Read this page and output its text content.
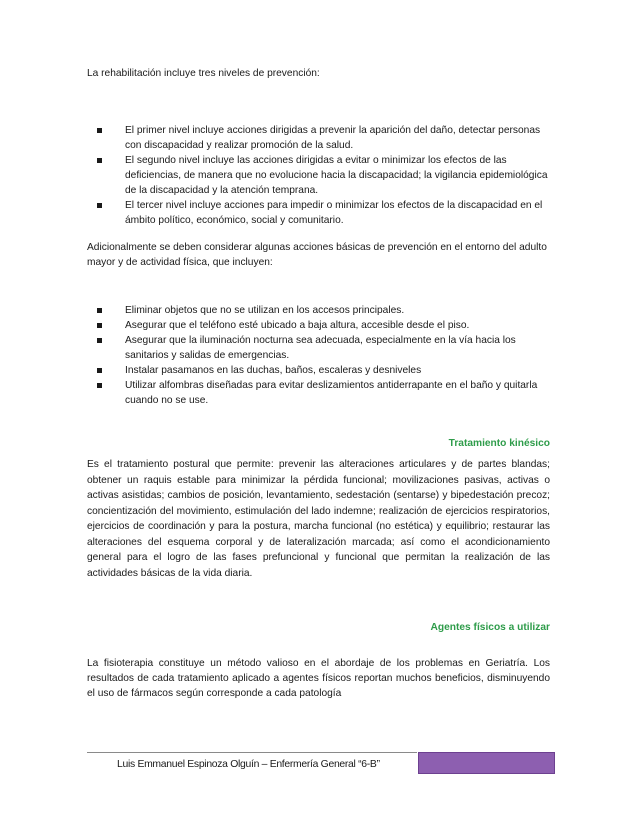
La rehabilitación incluye tres niveles de prevención:

El primer nivel incluye acciones dirigidas a prevenir la aparición del daño, detectar personas con discapacidad y realizar promoción de la salud.
El segundo nivel incluye las acciones dirigidas a evitar o minimizar los efectos de las deficiencias, de manera que no evolucione hacia la discapacidad; la vigilancia epidemiológica de la discapacidad y la atención temprana.
El tercer nivel incluye acciones para impedir o minimizar los efectos de la discapacidad en el ámbito político, económico, social y comunitario.

Adicionalmente se deben considerar algunas acciones básicas de prevención en el entorno del adulto mayor y de actividad física, que incluyen:

Eliminar objetos que no se utilizan en los accesos principales.
Asegurar que el teléfono esté ubicado a baja altura, accesible desde el piso.
Asegurar que la iluminación nocturna sea adecuada, especialmente en la vía hacia los sanitarios y salidas de emergencias.
Instalar pasamanos en las duchas, baños, escaleras y desniveles
Utilizar alfombras diseñadas para evitar deslizamientos antiderrapante en el baño y quitarla cuando no se use.

Tratamiento kinésico

Es el tratamiento postural que permite: prevenir las alteraciones articulares y de partes blandas; obtener un raquis estable para minimizar la pérdida funcional; movilizaciones pasivas, activas o activas asistidas; cambios de posición, levantamiento, sedestación (sentarse) y bipedestación precoz; concientización del movimiento, estimulación del lado indemne; realización de ejercicios respiratorios, ejercicios de coordinación y para la postura, marcha funcional (no estética) y equilibrio; restaurar las alteraciones del esquema corporal y de lateralización marcada; así como el acondicionamiento general para el logro de las fases prefuncional y funcional que permitan la realización de las actividades básicas de la vida diaria.

Agentes físicos a utilizar

La fisioterapia constituye un método valioso en el abordaje de los problemas en Geriatría. Los resultados de cada tratamiento aplicado a agentes físicos reportan muchos beneficios, disminuyendo el uso de fármacos según corresponde a cada patología

Luis Emmanuel Espinoza Olguín – Enfermería General “6-B”
